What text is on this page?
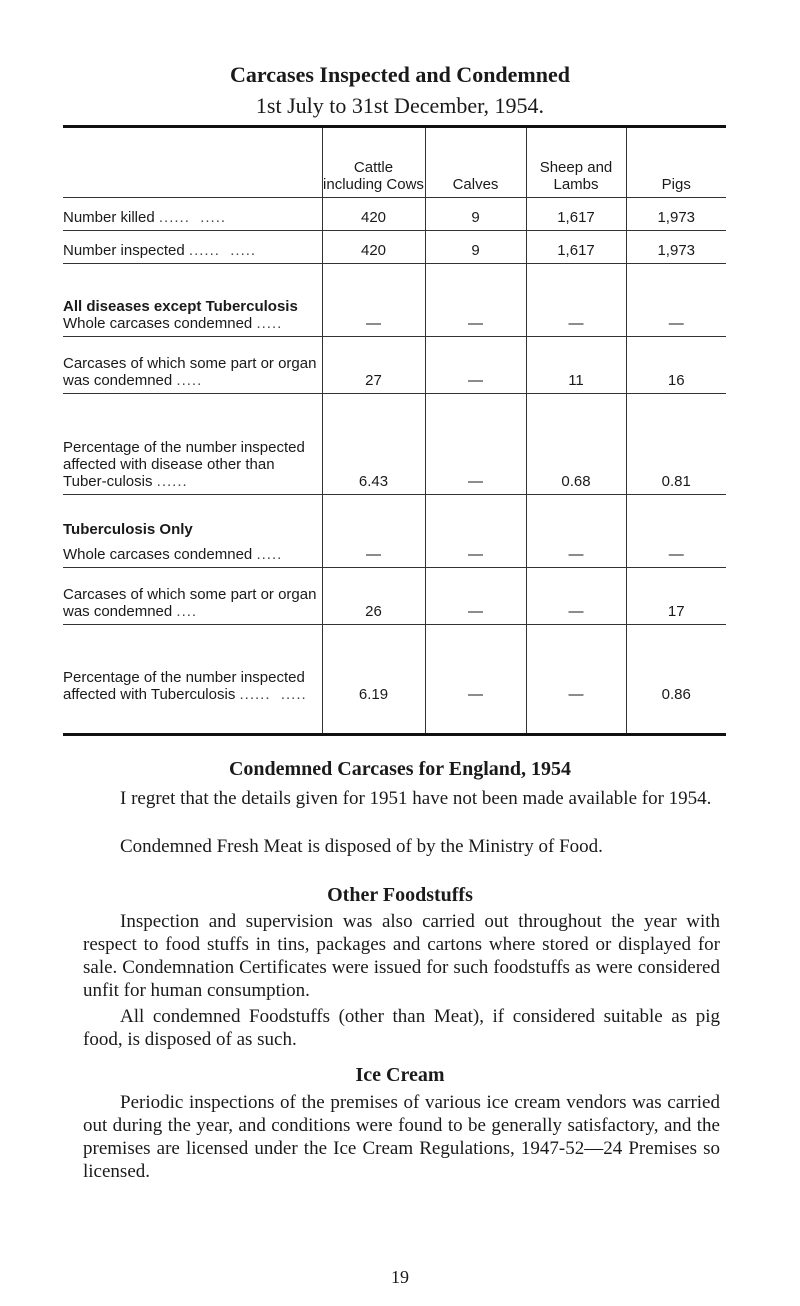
Carcases Inspected and Condemned

1st July to 31st December, 1954.

	Cattle including Cows	Calves	Sheep and Lambs	Pigs
Number killed ......  .....	420	9	1,617	1,973
Number inspected ......  .....	420	9	1,617	1,973

All diseases except Tuberculosis
Whole carcases condemned .....	—	—	—	—
Carcases of which some part or organ was condemned .....	27	—	11	16
Percentage of the number inspected affected with disease other than Tuber-culosis ......	6.43	—	0.68	0.81

Tuberculosis Only
Whole carcases condemned .....	—	—	—	—
Carcases of which some part or organ was condemned ....	26	—	—	17
Percentage of the number inspected affected with Tuberculosis ......  .....	6.19	—	—	0.86
Condemned Carcases for England, 1954

I regret that the details given for 1951 have not been made available for 1954.

Condemned Fresh Meat is disposed of by the Ministry of Food.

Other Foodstuffs

Inspection and supervision was also carried out throughout the year with respect to food stuffs in tins, packages and cartons where stored or displayed for sale. Condemnation Certificates were issued for such foodstuffs as were considered unfit for human consumption.

All condemned Foodstuffs (other than Meat), if considered suitable as pig food, is disposed of as such.

Ice Cream

Periodic inspections of the premises of various ice cream vendors was carried out during the year, and conditions were found to be generally satisfactory, and the premises are licensed under the Ice Cream Regulations, 1947-52—24 Premises so licensed.

19
